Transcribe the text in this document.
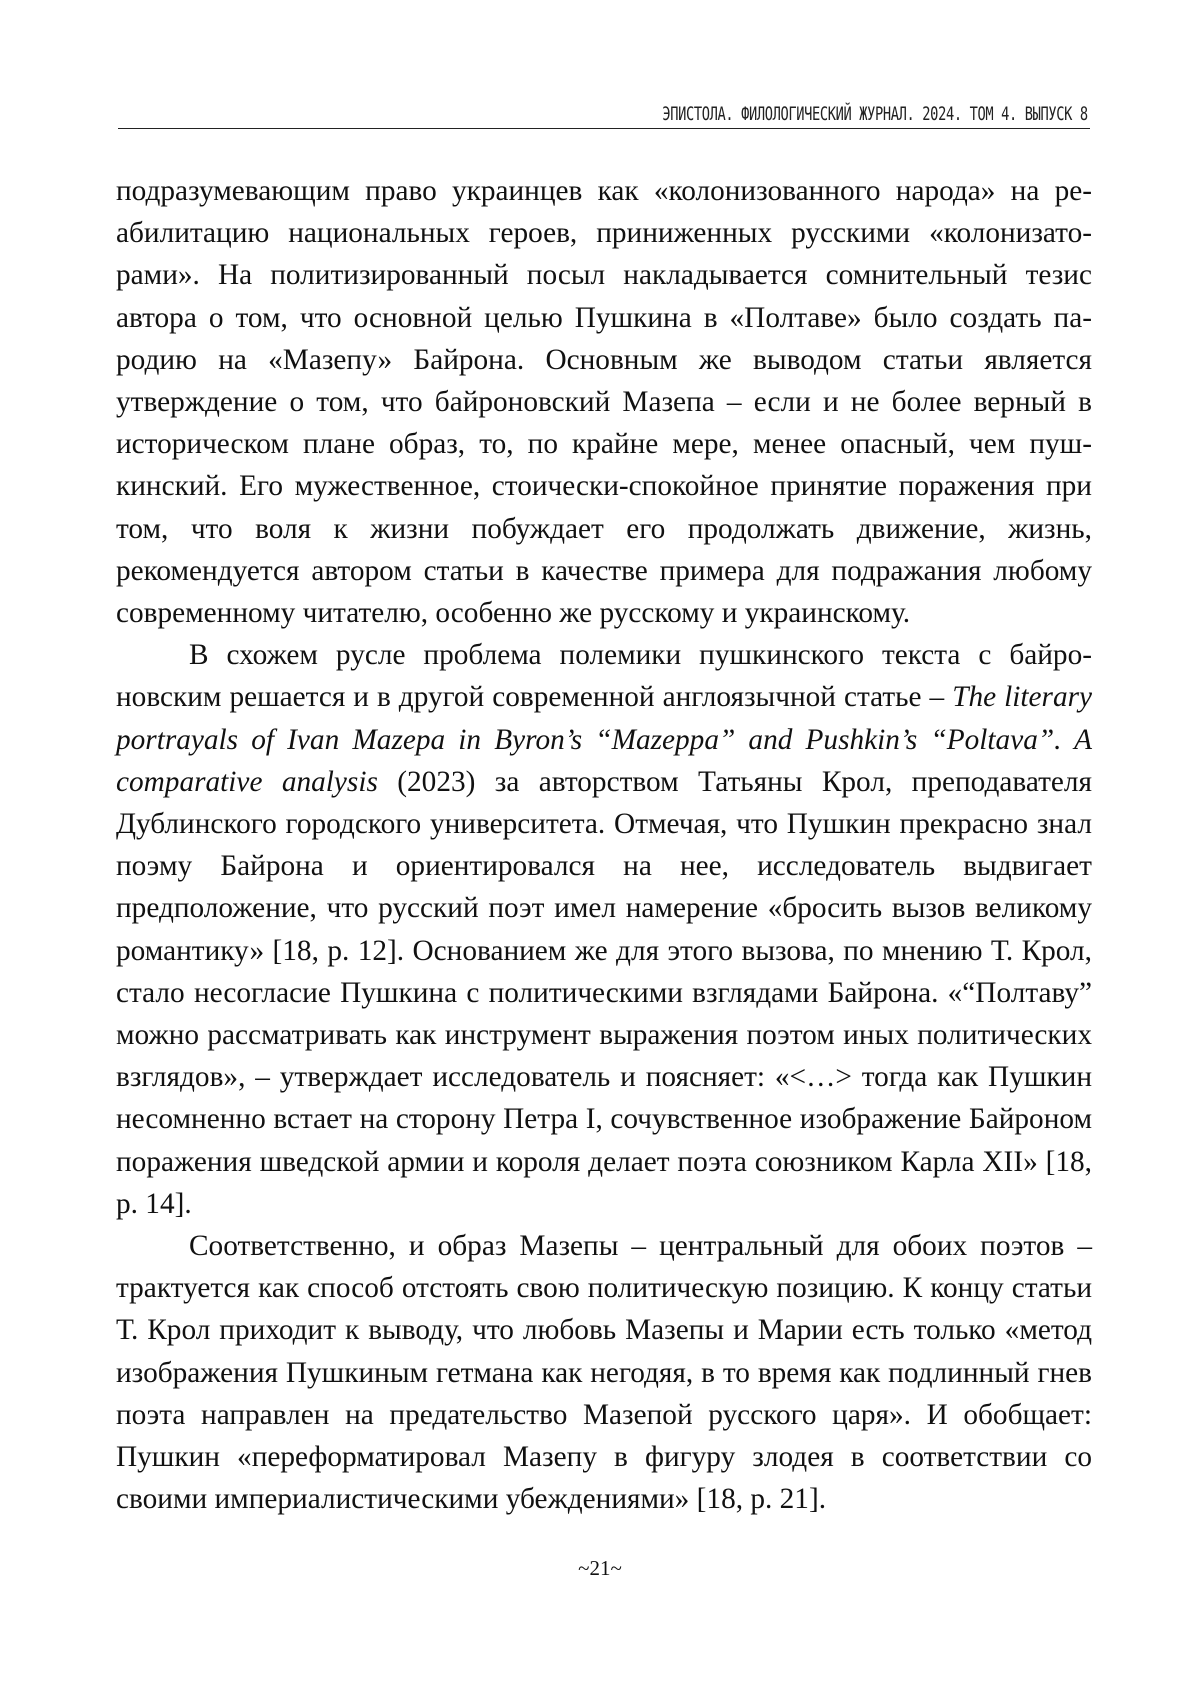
ЭПИСТОЛА. ФИЛОЛОГИЧЕСКИЙ ЖУРНАЛ. 2024. ТОМ 4. ВЫПУСК 8

подразумевающим право украинцев как «колонизованного народа» на ре­абилитацию национальных героев, приниженных русскими «колонизато­рами». На политизированный посыл накладывается сомнительный тезис автора о том, что основной целью Пушкина в «Полтаве» было создать па­родию на «Мазепу» Байрона. Основным же выводом статьи является утверждение о том, что байроновский Мазепа – если и не более верный в историческом плане образ, то, по крайне мере, менее опасный, чем пуш­кинский. Его мужественное, стоически-спокойное принятие поражения при том, что воля к жизни побуждает его продолжать движение, жизнь, рекомендуется автором статьи в качестве примера для подражания любо­му современному читателю, особенно же русскому и украинскому.

В схожем русле проблема полемики пушкинского текста с байро­новским решается и в другой современной англоязычной статье – The literary portrayals of Ivan Mazepa in Byron’s “Mazeppa” and Pushkin’s “Pol­tava”. A comparative analysis (2023) за авторством Татьяны Крол, препода­вателя Дублинского городского университета. Отмечая, что Пушкин пре­красно знал поэму Байрона и ориентировался на нее, исследователь выдвигает предположение, что русский поэт имел намерение «бросить вызов великому романтику» [18, p. 12]. Основанием же для этого вызова, по мнению Т. Крол, стало несогласие Пушкина с политическими взгляда­ми Байрона. «“Полтаву” можно рассматривать как инструмент выражения поэтом иных политических взглядов», – утверждает исследователь и по­ясняет: «<…> тогда как Пушкин несомненно встает на сторону Петра I, сочувственное изображение Байроном поражения шведской армии и ко­роля делает поэта союзником Карла XII» [18, p. 14].

Соответственно, и образ Мазепы – центральный для обоих поэтов – трактуется как способ отстоять свою политическую позицию. К концу статьи Т. Крол приходит к выводу, что любовь Мазепы и Марии есть только «метод изображения Пушкиным гетмана как негодяя, в то время как подлинный гнев поэта направлен на предательство Мазепой русского царя». И обобщает: Пушкин «переформатировал Мазепу в фигуру злодея в соответствии со своими империалистическими убеждениями» [18, p. 21].

~21~
